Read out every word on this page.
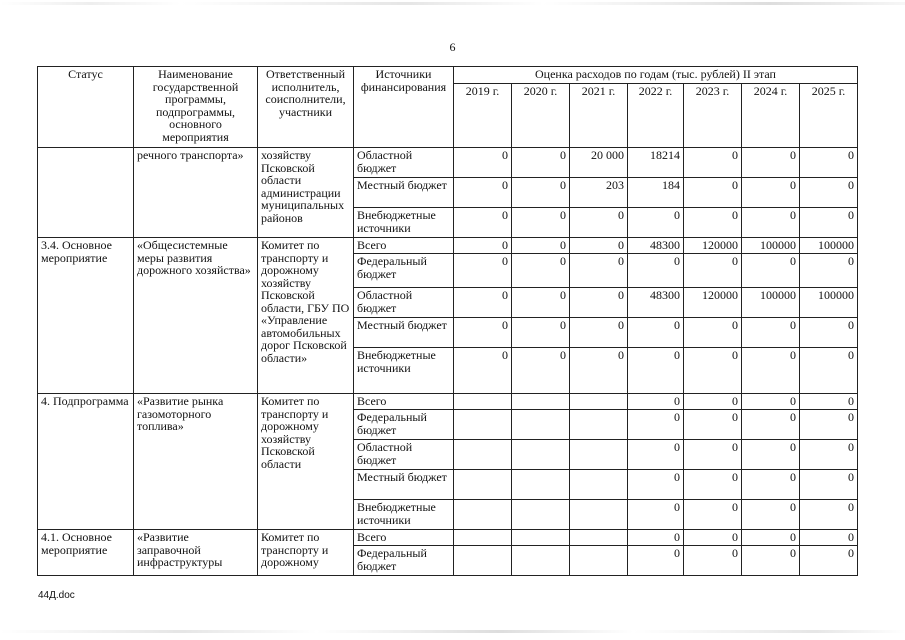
6
Статус	Наименование государственной программы, подпрограммы, основного мероприятия	Ответственный исполнитель, соисполнители, участники	Источники финансирования	Оценка расходов по годам (тыс. рублей) II этап						
				2019 г.	2020 г.	2021 г.	2022 г.	2023 г.	2024 г.	2025 г.
	речного транспорта»	хозяйству Псковской области администрации муниципальных районов	Областной бюджет	0	0	20 000	18214	0	0	0
			Местный бюджет	0	0	203	184	0	0	0
			Внебюджетные источники	0	0	0	0	0	0	0
3.4. Основное мероприятие	«Общесистемные меры развития дорожного хозяйства»	Комитет по транспорту и дорожному хозяйству Псковской области, ГБУ ПО «Управление автомобильных дорог Псковской области»	Всего	0	0	0	48300	120000	100000	100000
			Федеральный бюджет	0	0	0	0	0	0	0
			Областной бюджет	0	0	0	48300	120000	100000	100000
			Местный бюджет	0	0	0	0	0	0	0
			Внебюджетные источники	0	0	0	0	0	0	0
4. Подпрограмма	«Развитие рынка газомоторного топлива»	Комитет по транспорту и дорожному хозяйству Псковской области	Всего				0	0	0	0
			Федеральный бюджет				0	0	0	0
			Областной бюджет				0	0	0	0
			Местный бюджет				0	0	0	0
			Внебюджетные источники				0	0	0	0
4.1. Основное мероприятие	«Развитие заправочной инфраструктуры	Комитет по транспорту и дорожному	Всего				0	0	0	0
			Федеральный бюджет				0	0	0	0
44Д.doc
